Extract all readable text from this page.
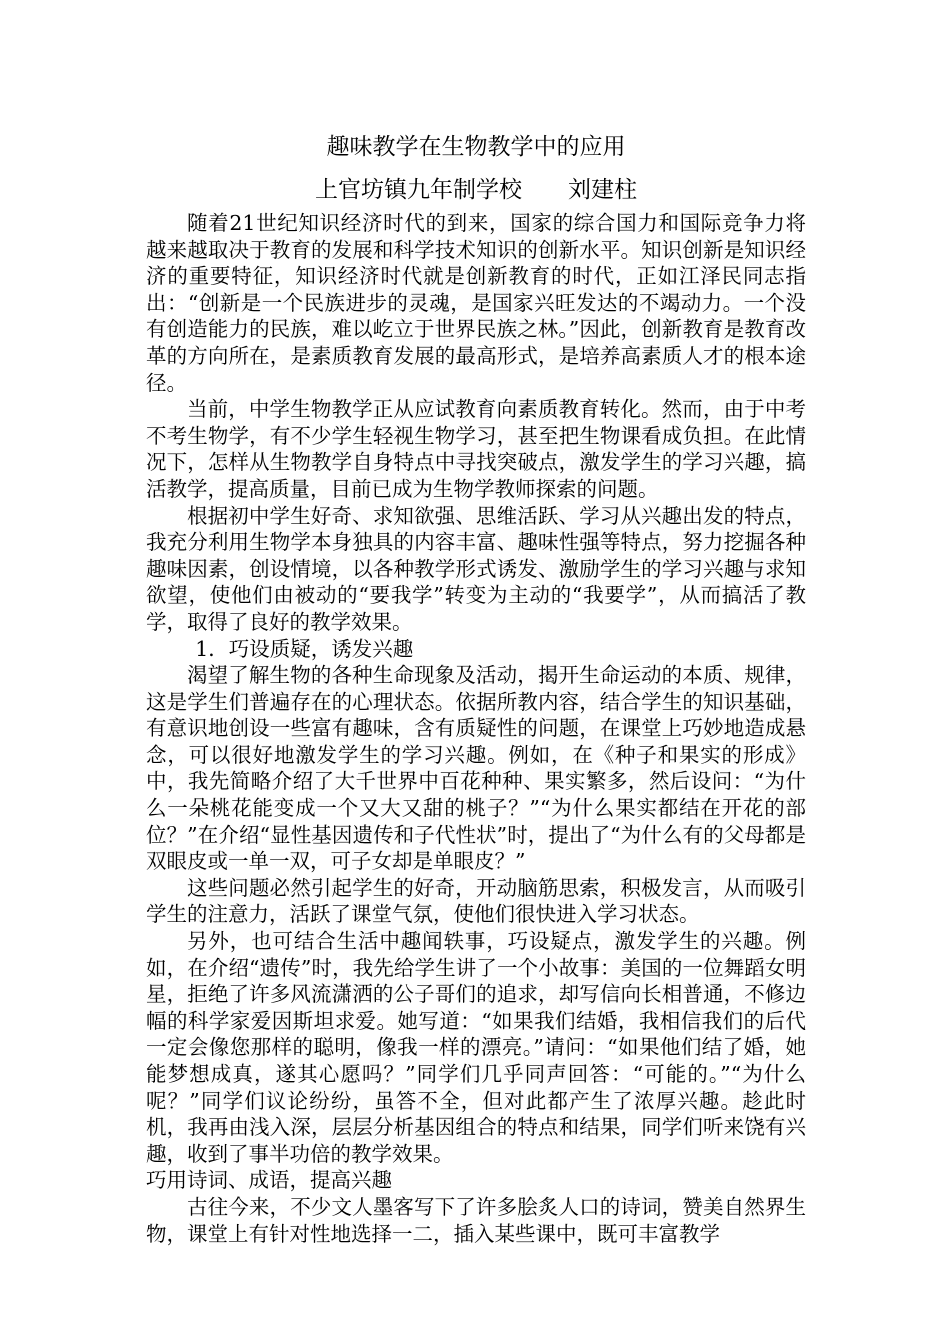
趣味教学在生物教学中的应用
上官坊镇九年制学校　　刘建柱

随着21世纪知识经济时代的到来，国家的综合国力和国际竞争力将越来越取决于教育的发展和科学技术知识的创新水平。知识创新是知识经济的重要特征，知识经济时代就是创新教育的时代，正如江泽民同志指出：“创新是一个民族进步的灵魂，是国家兴旺发达的不竭动力。一个没有创造能力的民族，难以屹立于世界民族之林。”因此，创新教育是教育改革的方向所在，是素质教育发展的最高形式，是培养高素质人才的根本途径。

当前，中学生物教学正从应试教育向素质教育转化。然而，由于中考不考生物学，有不少学生轻视生物学习，甚至把生物课看成负担。在此情况下，怎样从生物教学自身特点中寻找突破点，激发学生的学习兴趣，搞活教学，提高质量，目前已成为生物学教师探索的问题。

根据初中学生好奇、求知欲强、思维活跃、学习从兴趣出发的特点，我充分利用生物学本身独具的内容丰富、趣味性强等特点，努力挖掘各种趣味因素，创设情境，以各种教学形式诱发、激励学生的学习兴趣与求知欲望，使他们由被动的“要我学”转变为主动的“我要学”，从而搞活了教学，取得了良好的教学效果。

1．巧设质疑，诱发兴趣

渴望了解生物的各种生命现象及活动，揭开生命运动的本质、规律，这是学生们普遍存在的心理状态。依据所教内容，结合学生的知识基础，有意识地创设一些富有趣味，含有质疑性的问题，在课堂上巧妙地造成悬念，可以很好地激发学生的学习兴趣。例如，在《种子和果实的形成》中，我先简略介绍了大千世界中百花种种、果实繁多，然后设问：“为什么一朵桃花能变成一个又大又甜的桃子？”“为什么果实都结在开花的部位？”在介绍“显性基因遗传和子代性状”时，提出了“为什么有的父母都是双眼皮或一单一双，可子女却是单眼皮？”

这些问题必然引起学生的好奇，开动脑筋思索，积极发言，从而吸引学生的注意力，活跃了课堂气氛，使他们很快进入学习状态。

另外，也可结合生活中趣闻轶事，巧设疑点，激发学生的兴趣。例如，在介绍“遗传”时，我先给学生讲了一个小故事：美国的一位舞蹈女明星，拒绝了许多风流潇洒的公子哥们的追求，却写信向长相普通，不修边幅的科学家爱因斯坦求爱。她写道：“如果我们结婚，我相信我们的后代一定会像您那样的聪明，像我一样的漂亮。”请问：“如果他们结了婚，她能梦想成真，遂其心愿吗？”同学们几乎同声回答：“可能的。”“为什么呢？”同学们议论纷纷，虽答不全，但对此都产生了浓厚兴趣。趁此时机，我再由浅入深，层层分析基因组合的特点和结果，同学们听来饶有兴趣，收到了事半功倍的教学效果。

巧用诗词、成语，提高兴趣

古往今来，不少文人墨客写下了许多脍炙人口的诗词，赞美自然界生物，课堂上有针对性地选择一二，插入某些课中，既可丰富教学
